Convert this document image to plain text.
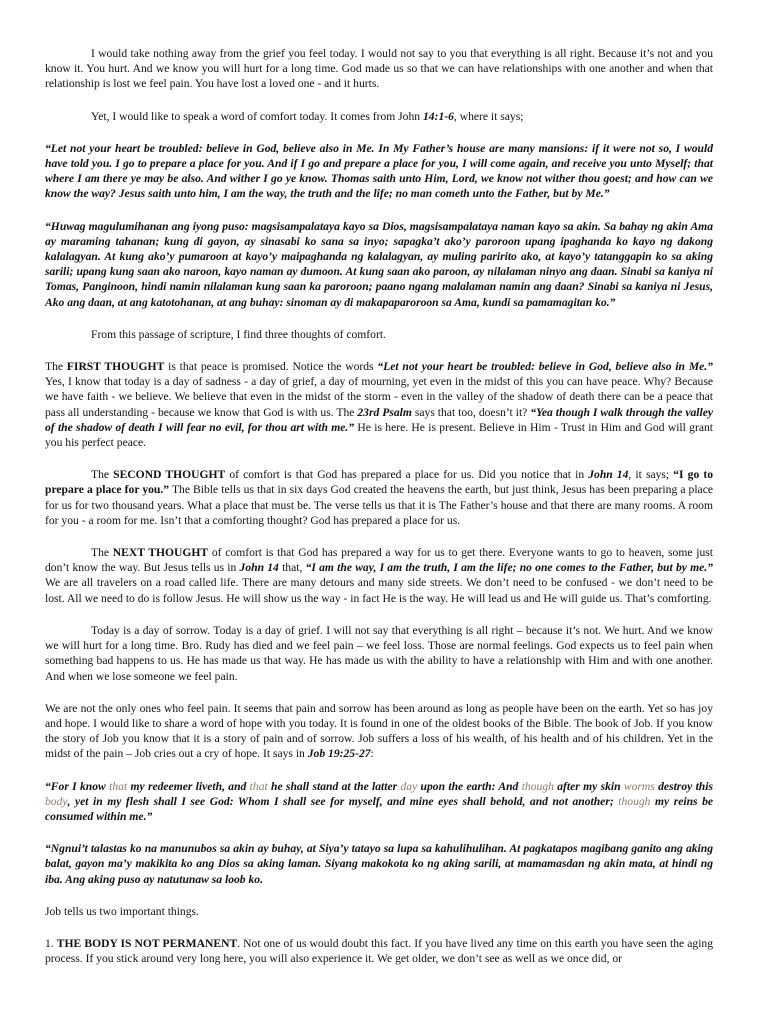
I would take nothing away from the grief you feel today. I would not say to you that everything is all right. Because it’s not and you know it. You hurt. And we know you will hurt for a long time. God made us so that we can have relationships with one another and when that relationship is lost we feel pain. You have lost a loved one - and it hurts.

Yet, I would like to speak a word of comfort today. It comes from John 14:1-6, where it says;

“Let not your heart be troubled: believe in God, believe also in Me. In My Father’s house are many mansions: if it were not so, I would have told you. I go to prepare a place for you. And if I go and prepare a place for you, I will come again, and receive you unto Myself; that where I am there ye may be also. And wither I go ye know. Thomas saith unto Him, Lord, we know not wither thou goest; and how can we know the way? Jesus saith unto him, I am the way, the truth and the life; no man cometh unto the Father, but by Me.”

“Huwag magulumihanan ang iyong puso: magsisampalataya kayo sa Dios, magsisampalataya naman kayo sa akin. Sa bahay ng akin Ama ay maraming tahanan; kung di gayon, ay sinasabi ko sana sa inyo; sapagka’t ako’y paroroon upang ipaghanda ko kayo ng dakong kalalagyan. At kung ako’y pumaroon at kayo’y maipaghanda ng kalalagyan, ay muling paririto ako, at kayo’y tatanggapin ko sa aking sarili; upang kung saan ako naroon, kayo naman ay dumoon. At kung saan ako paroon, ay nilalaman ninyo ang daan. Sinabi sa kaniya ni Tomas, Panginoon, hindi namin nilalaman kung saan ka paroroon; paano ngang malalaman namin ang daan? Sinabi sa kaniya ni Jesus, Ako ang daan, at ang katotohanan, at ang buhay: sinoman ay di makapaparoroon sa Ama, kundi sa pamamagitan ko.”

From this passage of scripture, I find three thoughts of comfort.

The FIRST THOUGHT is that peace is promised. Notice the words “Let not your heart be troubled: believe in God, believe also in Me.” Yes, I know that today is a day of sadness - a day of grief, a day of mourning, yet even in the midst of this you can have peace. Why? Because we have faith - we believe. We believe that even in the midst of the storm - even in the valley of the shadow of death there can be a peace that pass all understanding - because we know that God is with us. The 23rd Psalm says that too, doesn’t it? “Yea though I walk through the valley of the shadow of death I will fear no evil, for thou art with me.” He is here. He is present. Believe in Him - Trust in Him and God will grant you his perfect peace.

The SECOND THOUGHT of comfort is that God has prepared a place for us. Did you notice that in John 14, it says; “I go to prepare a place for you.” The Bible tells us that in six days God created the heavens the earth, but just think, Jesus has been preparing a place for us for two thousand years. What a place that must be. The verse tells us that it is The Father’s house and that there are many rooms. A room for you - a room for me. Isn’t that a comforting thought? God has prepared a place for us.

The NEXT THOUGHT of comfort is that God has prepared a way for us to get there. Everyone wants to go to heaven, some just don’t know the way. But Jesus tells us in John 14 that, “I am the way, I am the truth, I am the life; no one comes to the Father, but by me.” We are all travelers on a road called life. There are many detours and many side streets. We don’t need to be confused - we don’t need to be lost. All we need to do is follow Jesus. He will show us the way - in fact He is the way. He will lead us and He will guide us. That’s comforting.

Today is a day of sorrow. Today is a day of grief. I will not say that everything is all right – because it’s not. We hurt. And we know we will hurt for a long time. Bro. Rudy has died and we feel pain – we feel loss. Those are normal feelings. God expects us to feel pain when something bad happens to us. He has made us that way. He has made us with the ability to have a relationship with Him and with one another. And when we lose someone we feel pain.

We are not the only ones who feel pain. It seems that pain and sorrow has been around as long as people have been on the earth. Yet so has joy and hope. I would like to share a word of hope with you today. It is found in one of the oldest books of the Bible. The book of Job. If you know the story of Job you know that it is a story of pain and of sorrow. Job suffers a loss of his wealth, of his health and of his children. Yet in the midst of the pain – Job cries out a cry of hope. It says in Job 19:25-27:

“For I know that my redeemer liveth, and that he shall stand at the latter day upon the earth: And though after my skin worms destroy this body, yet in my flesh shall I see God: Whom I shall see for myself, and mine eyes shall behold, and not another; though my reins be consumed within me.”

“Ngnui’t talastas ko na manunubos sa akin ay buhay, at Siya’y tatayo sa lupa sa kahulihulihan. At pagkatapos magibang ganito ang aking balat, gayon ma’y makikita ko ang Dios sa aking laman. Siyang makokota ko ng aking sarili, at mamamasdan ng akin mata, at hindi ng iba. Ang aking puso ay natutunaw sa loob ko.

Job tells us two important things.

1. THE BODY IS NOT PERMANENT. Not one of us would doubt this fact. If you have lived any time on this earth you have seen the aging process. If you stick around very long here, you will also experience it. We get older, we don’t see as well as we once did, or
